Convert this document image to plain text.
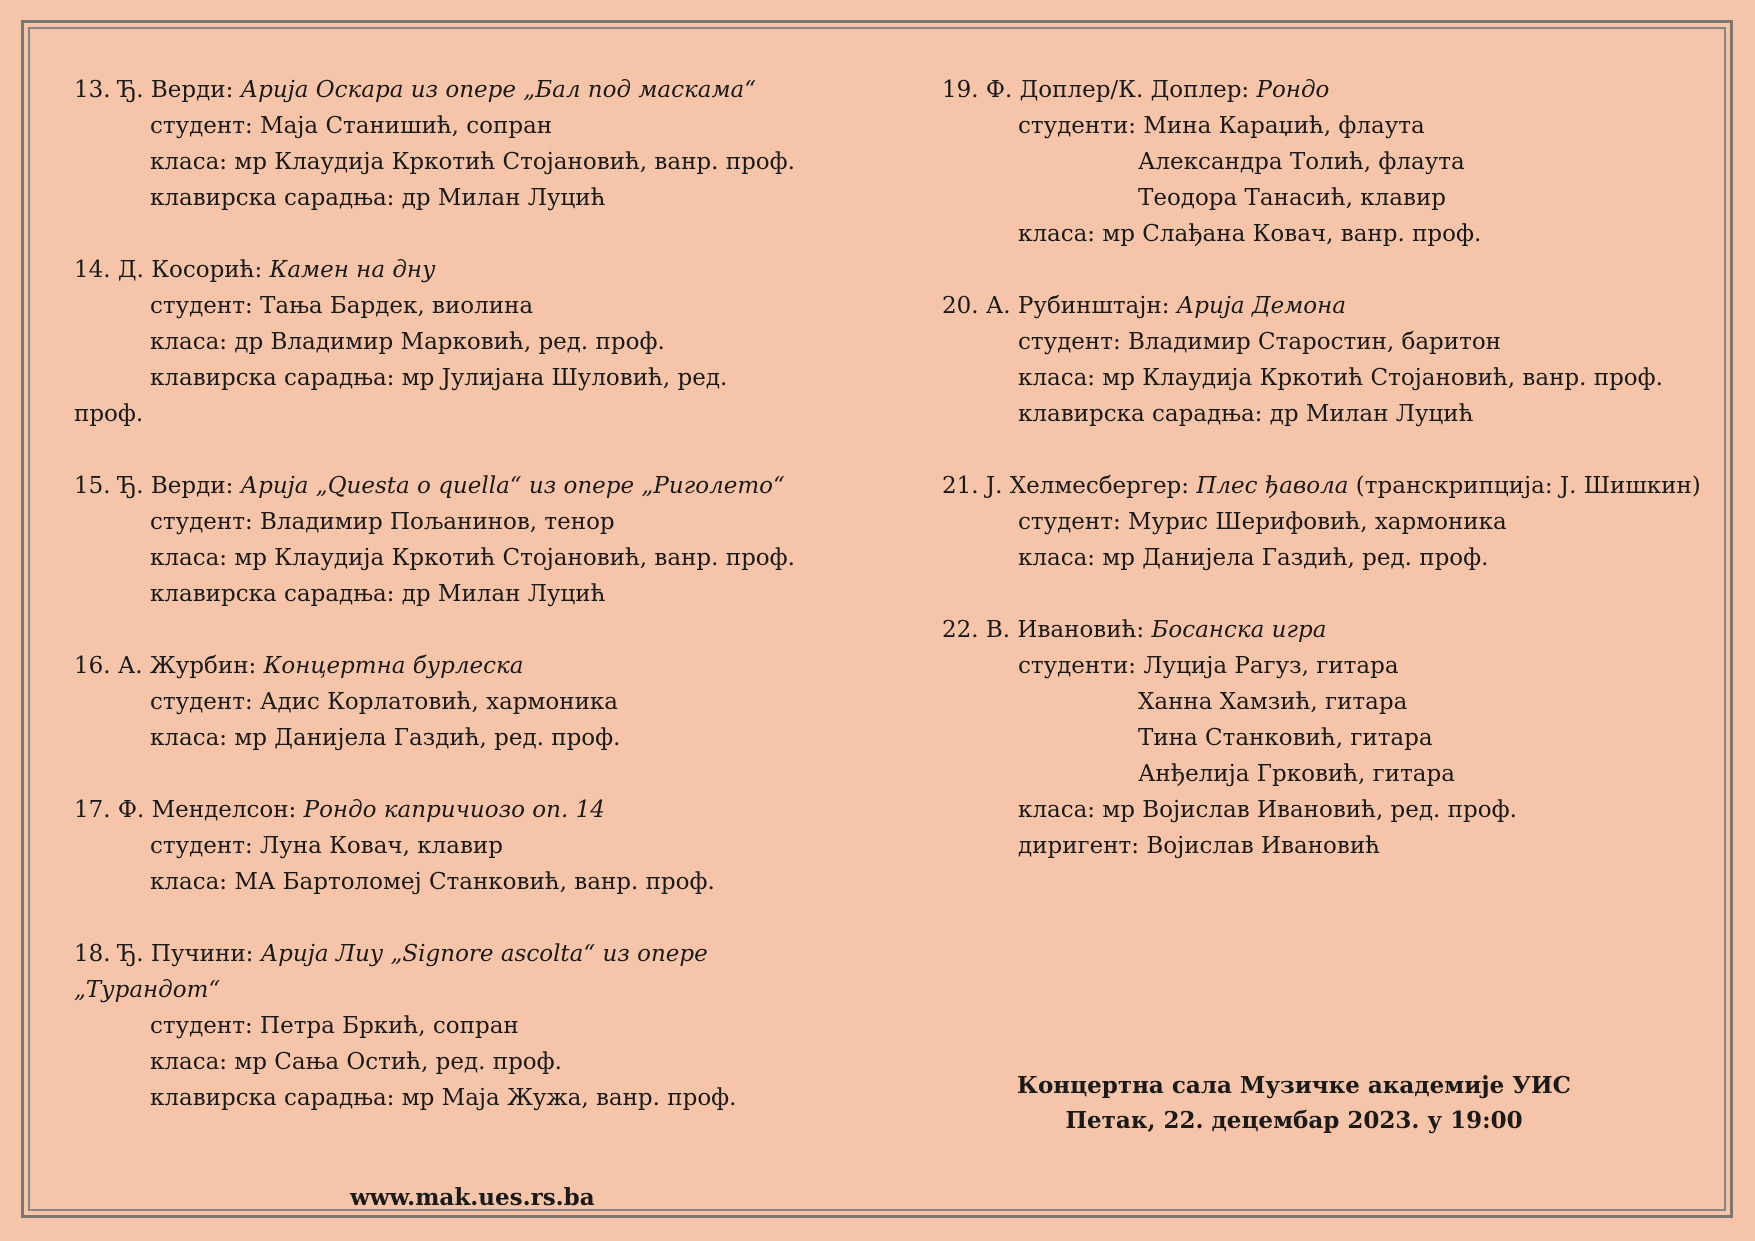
13. Ђ. Верди: Арија Оскара из опере „Бал под маскама“
студент: Маја Станишић, сопран
класа: мр Клаудија Кркотић Стојановић, ванр. проф.
клавирска сарадња: др Милан Луцић
14. Д. Косорић: Камен на дну
студент: Тања Бардек, виолина
класа: др Владимир Марковић, ред. проф.
клавирска сарадња: мр Јулијана Шуловић, ред.
проф.
15. Ђ. Верди: Арија „Questa o quella“ из опере „Риголето“
студент: Владимир Пољанинов, тенор
класа: мр Клаудија Кркотић Стојановић, ванр. проф.
клавирска сарадња: др Милан Луцић
16. А. Журбин: Концертна бурлеска
студент: Адис Корлатовић, хармоника
класа: мр Данијела Газдић, ред. проф.
17. Ф. Менделсон: Рондо капричиозо оп. 14
студент: Луна Ковач, клавир
класа: МА Бартоломеј Станковић, ванр. проф.
18. Ђ. Пучини: Арија Лиу „Signore ascolta“ из опере
„Турандот“
студент: Петра Бркић, сопран
класа: мр Сања Остић, ред. проф.
клавирска сарадња: мр Маја Жужа, ванр. проф.
19. Ф. Доплер/К. Доплер: Рондо
студенти: Мина Караџић, флаута
Александра Толић, флаута
Теодора Танасић, клавир
класа: мр Слађана Ковач, ванр. проф.
20. А. Рубинштајн: Арија Демона
студент: Владимир Старостин, баритон
класа: мр Клаудија Кркотић Стојановић, ванр. проф.
клавирска сарадња: др Милан Луцић
21. Ј. Хелмесбергер: Плес ђавола (транскрипција: Ј. Шишкин)
студент: Мурис Шерифовић, хармоника
класа: мр Данијела Газдић, ред. проф.
22. В. Ивановић: Босанска игра
студенти: Луција Рагуз, гитара
Ханна Хамзић, гитара
Тина Станковић, гитара
Анђелија Грковић, гитара
класа: мр Војислав Ивановић, ред. проф.
диригент: Војислав Ивановић
Концертна сала Музичке академије УИС
Петак, 22. децембар 2023. у 19:00
www.mak.ues.rs.ba
